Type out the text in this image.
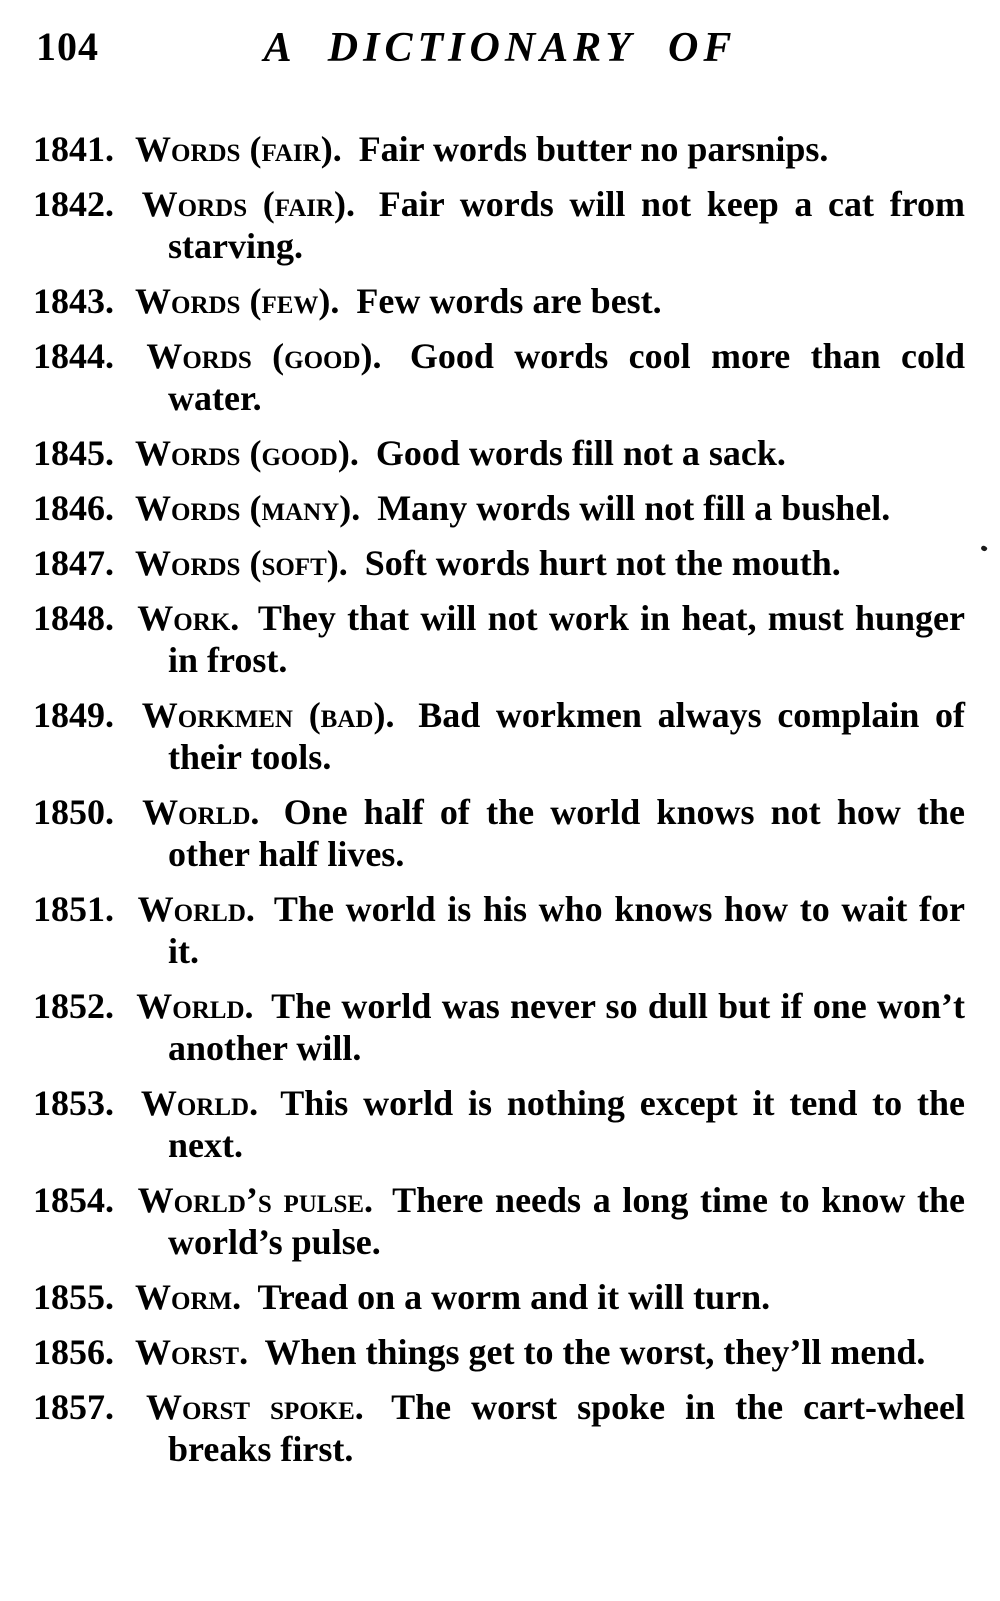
104	A DICTIONARY OF
1841. Words (fair). Fair words butter no parsnips.
1842. Words (fair). Fair words will not keep a cat from starving.
1843. Words (few). Few words are best.
1844. Words (good). Good words cool more than cold water.
1845. Words (good). Good words fill not a sack.
1846. Words (many). Many words will not fill a bushel.
1847. Words (soft). Soft words hurt not the mouth.
1848. Work. They that will not work in heat, must hunger in frost.
1849. Workmen (bad). Bad workmen always complain of their tools.
1850. World. One half of the world knows not how the other half lives.
1851. World. The world is his who knows how to wait for it.
1852. World. The world was never so dull but if one won’t another will.
1853. World. This world is nothing except it tend to the next.
1854. World’s pulse. There needs a long time to know the world’s pulse.
1855. Worm. Tread on a worm and it will turn.
1856. Worst. When things get to the worst, they’ll mend.
1857. Worst spoke. The worst spoke in the cart-wheel breaks first.
